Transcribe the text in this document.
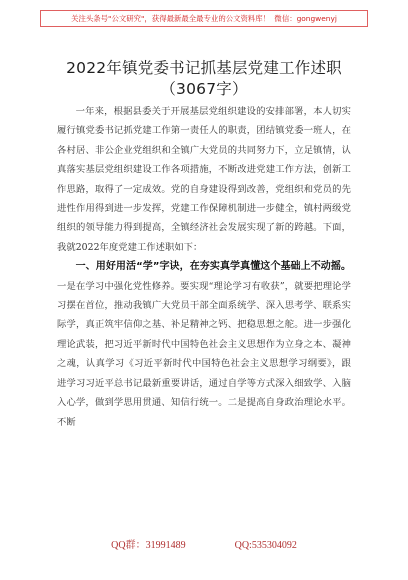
关注头条号"公文研究"，获得最新最全最专业的公文资料库！ 微信：gongwenyj
2022年镇党委书记抓基层党建工作述职
（3067字）

一年来，根据县委关于开展基层党组织建设的安排部署，本人切实履行镇党委书记抓党建工作第一责任人的职责，团结镇党委一班人，在各村居、非公企业党组织和全镇广大党员的共同努力下，立足镇情，认真落实基层党组织建设工作各项措施，不断改进党建工作方法，创新工作思路，取得了一定成效。党的自身建设得到改善，党组织和党员的先进性作用得到进一步发挥，党建工作保障机制进一步健全，镇村两级党组织的领导能力得到提高，全镇经济社会发展实现了新的跨越。下面，我就2022年度党建工作述职如下：

一、用好用活“学”字诀，在夯实真学真懂这个基础上不动摇。一是在学习中强化党性修养。要实现“理论学习有收获”，就要把理论学习摆在首位，推动我镇广大党员干部全面系统学、深入思考学、联系实际学，真正筑牢信仰之基、补足精神之钙、把稳思想之舵。进一步强化理论武装，把习近平新时代中国特色社会主义思想作为立身之本、凝神之魂，认真学习《习近平新时代中国特色社会主义思想学习纲要》，跟进学习习近平总书记最新重要讲话，通过自学等方式深入细致学、入脑入心学，做到学思用贯通、知信行统一。二是提高自身政治理论水平。不断

QQ群：31991489	QQ:535304092
